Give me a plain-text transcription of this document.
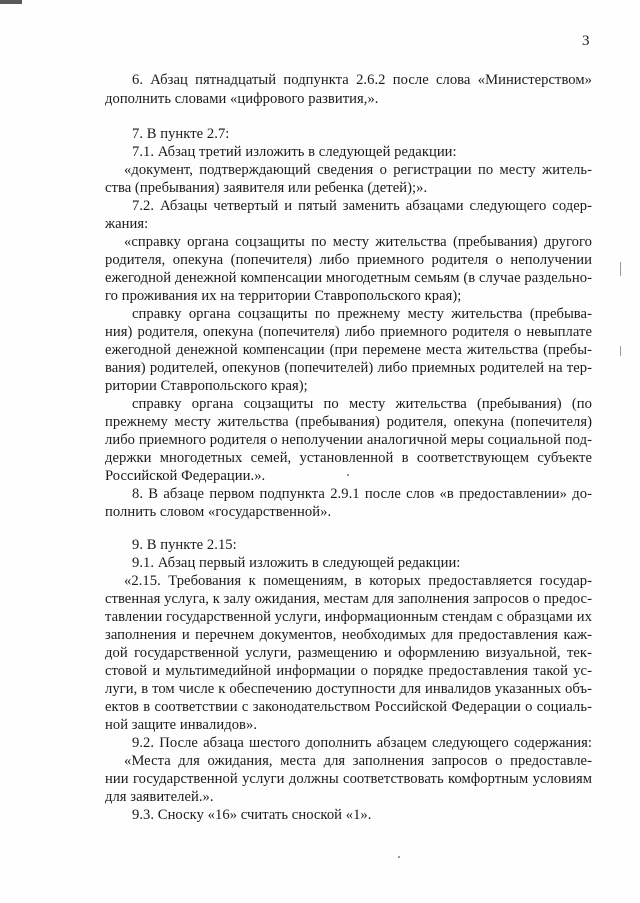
3
6. Абзац пятнадцатый подпункта 2.6.2 после слова «Министерством»
дополнить словами «цифрового развития,».
7. В пункте 2.7:
7.1. Абзац третий изложить в следующей редакции:
«документ, подтверждающий сведения о регистрации по месту житель-
ства (пребывания) заявителя или ребенка (детей);».
7.2. Абзацы четвертый и пятый заменить абзацами следующего содер-
жания:
«справку органа соцзащиты по месту жительства (пребывания) другого
родителя, опекуна (попечителя) либо приемного родителя о неполучении
ежегодной денежной компенсации многодетным семьям (в случае раздельно-
го проживания их на территории Ставропольского края);
справку органа соцзащиты по прежнему месту жительства (пребыва-
ния) родителя, опекуна (попечителя) либо приемного родителя о невыплате
ежегодной денежной компенсации (при перемене места жительства (пребы-
вания) родителей, опекунов (попечителей) либо приемных родителей на тер-
ритории Ставропольского края);
справку органа соцзащиты по месту жительства (пребывания) (по
прежнему месту жительства (пребывания) родителя, опекуна (попечителя)
либо приемного родителя о неполучении аналогичной меры социальной под-
держки многодетных семей, установленной в соответствующем субъекте
Российской Федерации.».
8. В абзаце первом подпункта 2.9.1 после слов «в предоставлении» до-
полнить словом «государственной».
9. В пункте 2.15:
9.1. Абзац первый изложить в следующей редакции:
«2.15. Требования к помещениям, в которых предоставляется государ-
ственная услуга, к залу ожидания, местам для заполнения запросов о предос-
тавлении государственной услуги, информационным стендам с образцами их
заполнения и перечнем документов, необходимых для предоставления каж-
дой государственной услуги, размещению и оформлению визуальной, тек-
стовой и мультимедийной информации о порядке предоставления такой ус-
луги, в том числе к обеспечению доступности для инвалидов указанных объ-
ектов в соответствии с законодательством Российской Федерации о социаль-
ной защите инвалидов».
9.2. После абзаца шестого дополнить абзацем следующего содержания:
«Места для ожидания, места для заполнения запросов о предоставле-
нии государственной услуги должны соответствовать комфортным условиям
для заявителей.».
9.3. Сноску «16» считать сноской «1».
